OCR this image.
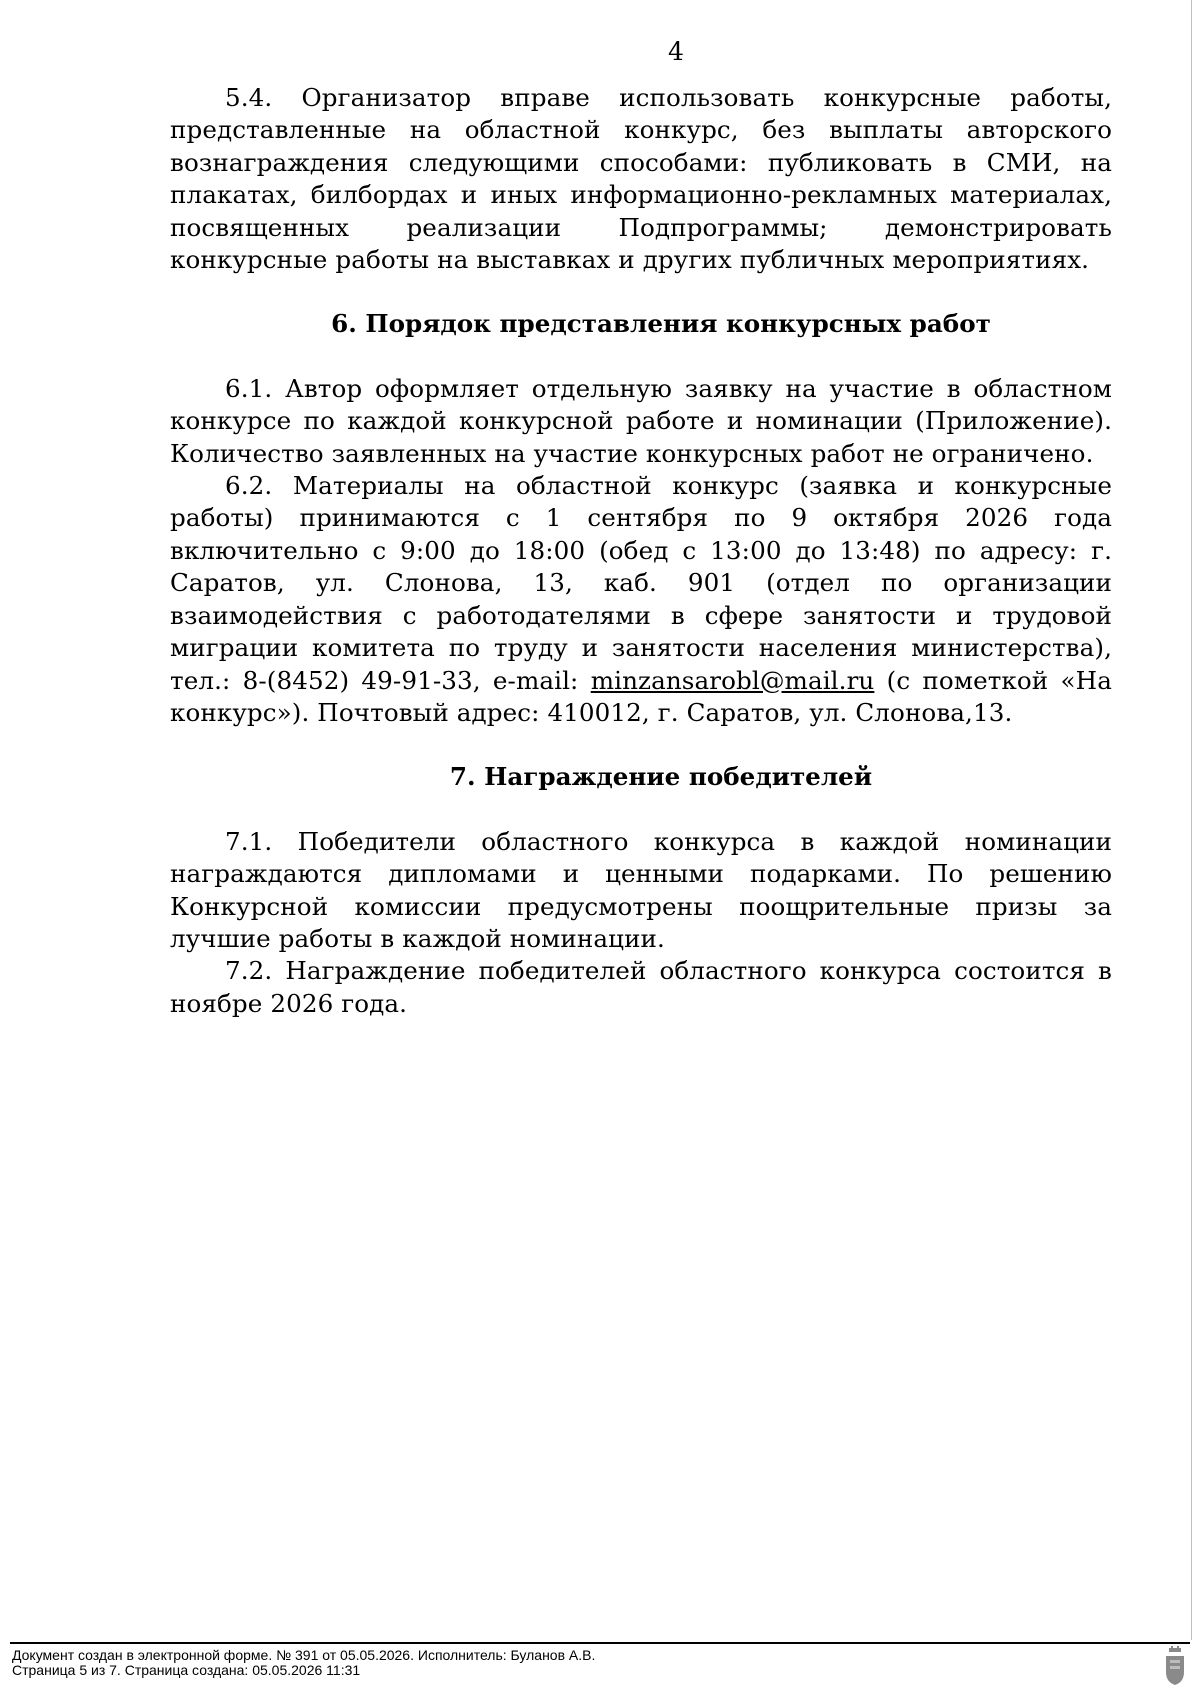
4

5.4. Организатор вправе использовать конкурсные работы, представленные на областной конкурс, без выплаты авторского вознаграждения следующими способами: публиковать в СМИ, на плакатах, билбордах и иных информационно-рекламных материалах, посвященных реализации Подпрограммы; демонстрировать конкурсные работы на выставках и других публичных мероприятиях.

6. Порядок представления конкурсных работ

6.1. Автор оформляет отдельную заявку на участие в областном конкурсе по каждой конкурсной работе и номинации (Приложение). Количество заявленных на участие конкурсных работ не ограничено.

6.2. Материалы на областной конкурс (заявка и конкурсные работы) принимаются с 1 сентября по 9 октября 2026 года включительно с 9:00 до 18:00 (обед с 13:00 до 13:48) по адресу: г. Саратов, ул. Слонова, 13, каб. 901 (отдел по организации взаимодействия с работодателями в сфере занятости и трудовой миграции комитета по труду и занятости населения министерства), тел.: 8-(8452) 49-91-33, e-mail: minzansarobl@mail.ru (с пометкой «На конкурс»). Почтовый адрес: 410012, г. Саратов, ул. Слонова,13.

7. Награждение победителей

7.1. Победители областного конкурса в каждой номинации награждаются дипломами и ценными подарками. По решению Конкурсной комиссии предусмотрены поощрительные призы за лучшие работы в каждой номинации.

7.2. Награждение победителей областного конкурса состоится в ноябре 2026 года.

Документ создан в электронной форме. № 391 от 05.05.2026. Исполнитель: Буланов А.В.
Страница 5 из 7. Страница создана: 05.05.2026 11:31
